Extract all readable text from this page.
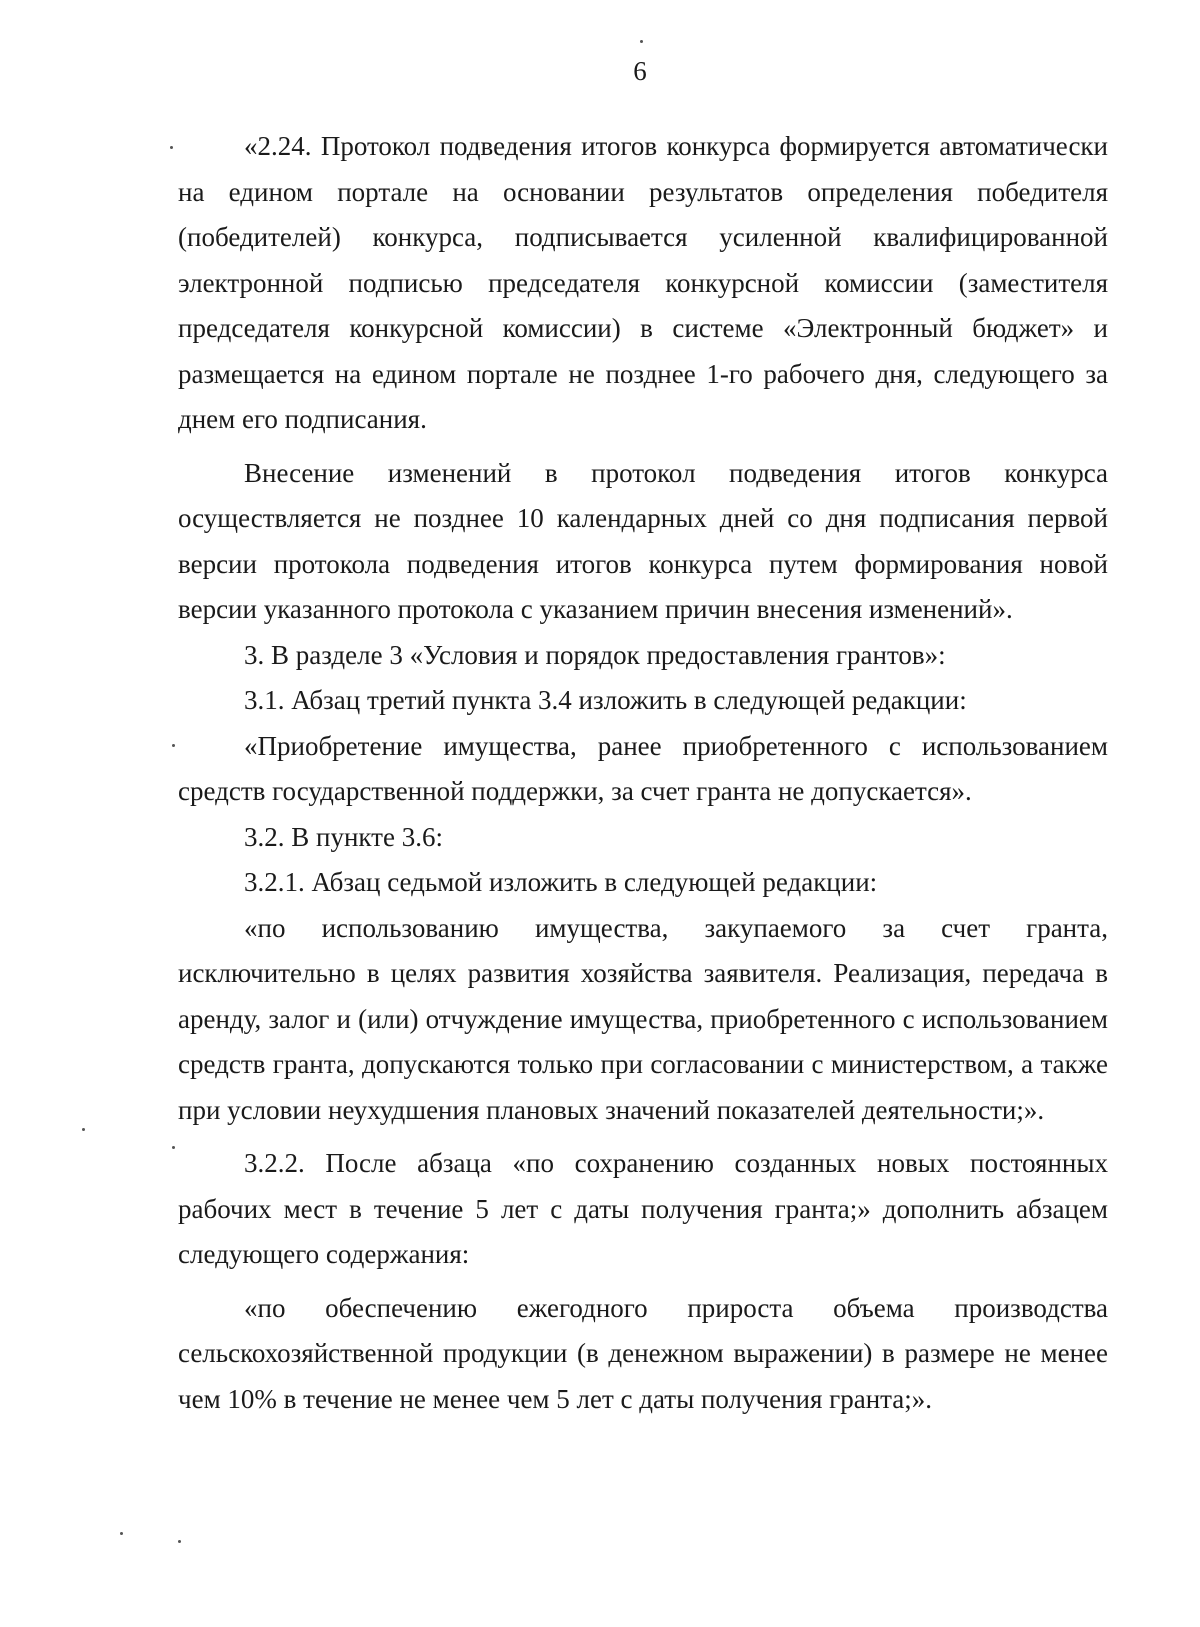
6

«2.24. Протокол подведения итогов конкурса формируется автоматически на едином портале на основании результатов определения победителя (победителей) конкурса, подписывается усиленной квалифицированной электронной подписью председателя конкурсной комиссии (заместителя председателя конкурсной комиссии) в системе «Электронный бюджет» и размещается на едином портале не позднее 1-го рабочего дня, следующего за днем его подписания.

Внесение изменений в протокол подведения итогов конкурса осуществляется не позднее 10 календарных дней со дня подписания первой версии протокола подведения итогов конкурса путем формирования новой версии указанного протокола с указанием причин внесения изменений».

3. В разделе 3 «Условия и порядок предоставления грантов»:

3.1. Абзац третий пункта 3.4 изложить в следующей редакции:

«Приобретение имущества, ранее приобретенного с использованием средств государственной поддержки, за счет гранта не допускается».

3.2. В пункте 3.6:

3.2.1. Абзац седьмой изложить в следующей редакции:

«по использованию имущества, закупаемого за счет гранта, исключительно в целях развития хозяйства заявителя. Реализация, передача в аренду, залог и (или) отчуждение имущества, приобретенного с использованием средств гранта, допускаются только при согласовании с министерством, а также при условии неухудшения плановых значений показателей деятельности;».

3.2.2. После абзаца «по сохранению созданных новых постоянных рабочих мест в течение 5 лет с даты получения гранта;» дополнить абзацем следующего содержания:

«по обеспечению ежегодного прироста объема производства сельскохозяйственной продукции (в денежном выражении) в размере не менее чем 10% в течение не менее чем 5 лет с даты получения гранта;».
